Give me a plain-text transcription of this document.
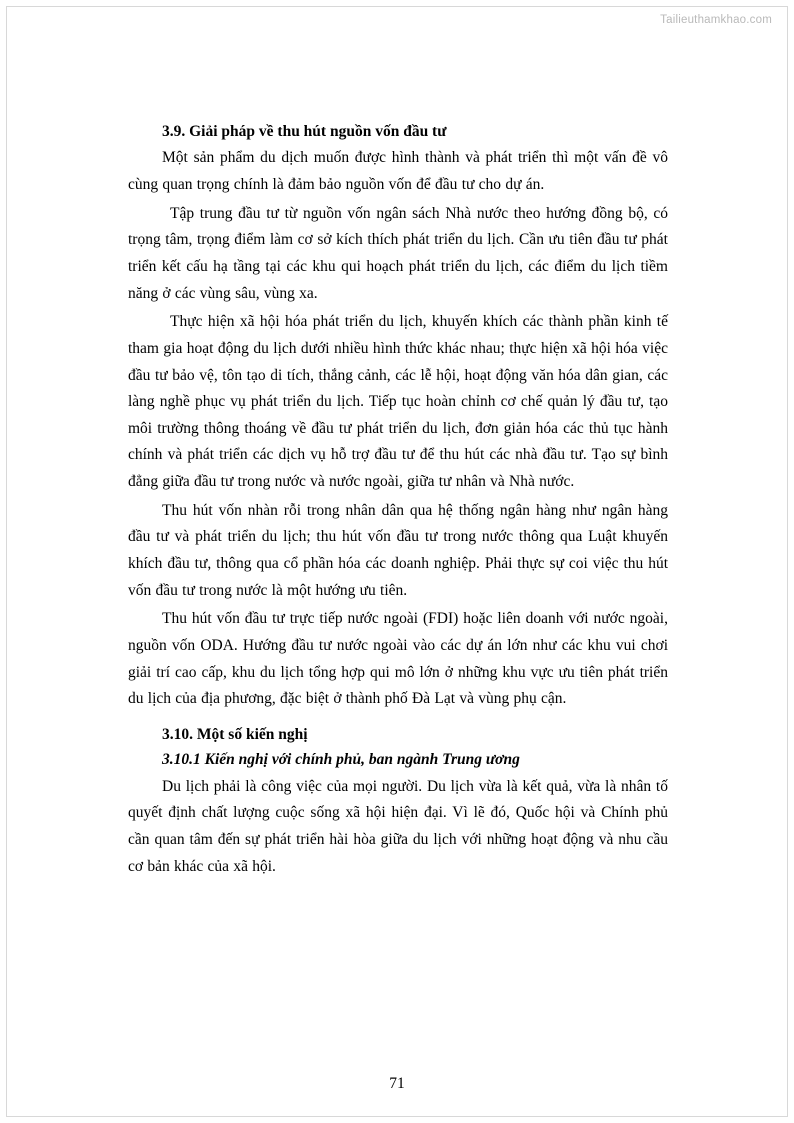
Tailieuthamkhao.com
3.9. Giải pháp về thu hút nguồn vốn đầu tư

Một sản phẩm du dịch muốn được hình thành và phát triển thì một vấn đề vô cùng quan trọng chính là đảm bảo nguồn vốn để đầu tư cho dự án.

Tập trung đầu tư từ nguồn vốn ngân sách Nhà nước theo hướng đồng bộ, có trọng tâm, trọng điểm làm cơ sở kích thích phát triển du lịch. Cần ưu tiên đầu tư phát triển kết cấu hạ tầng tại các khu qui hoạch phát triển du lịch, các điểm du lịch tiềm năng ở các vùng sâu, vùng xa.

Thực hiện xã hội hóa phát triển du lịch, khuyến khích các thành phần kinh tế tham gia hoạt động du lịch dưới nhiều hình thức khác nhau; thực hiện xã hội hóa việc đầu tư bảo vệ, tôn tạo di tích, thắng cảnh, các lễ hội, hoạt động văn hóa dân gian, các làng nghề phục vụ phát triển du lịch. Tiếp tục hoàn chỉnh cơ chế quản lý đầu tư, tạo môi trường thông thoáng về đầu tư phát triển du lịch, đơn giản hóa các thủ tục hành chính và phát triển các dịch vụ hỗ trợ đầu tư để thu hút các nhà đầu tư. Tạo sự bình đẳng giữa đầu tư trong nước và nước ngoài, giữa tư nhân và Nhà nước.

Thu hút vốn nhàn rỗi trong nhân dân qua hệ thống ngân hàng như ngân hàng đầu tư và phát triển du lịch; thu hút vốn đầu tư trong nước thông qua Luật khuyến khích đầu tư, thông qua cổ phần hóa các doanh nghiệp. Phải thực sự coi việc thu hút vốn đầu tư trong nước là một hướng ưu tiên.

Thu hút vốn đầu tư trực tiếp nước ngoài (FDI) hoặc liên doanh với nước ngoài, nguồn vốn ODA. Hướng đầu tư nước ngoài vào các dự án lớn như các khu vui chơi giải trí cao cấp, khu du lịch tổng hợp qui mô lớn ở những khu vực ưu tiên phát triển du lịch của địa phương, đặc biệt ở thành phố Đà Lạt và vùng phụ cận.

3.10. Một số kiến nghị
3.10.1 Kiến nghị với chính phủ, ban ngành Trung ương

Du lịch phải là công việc của mọi người. Du lịch vừa là kết quả, vừa là nhân tố quyết định chất lượng cuộc sống xã hội hiện đại. Vì lẽ đó, Quốc hội và Chính phủ cần quan tâm đến sự phát triển hài hòa giữa du lịch với những hoạt động và nhu cầu cơ bản khác của xã hội.

71
